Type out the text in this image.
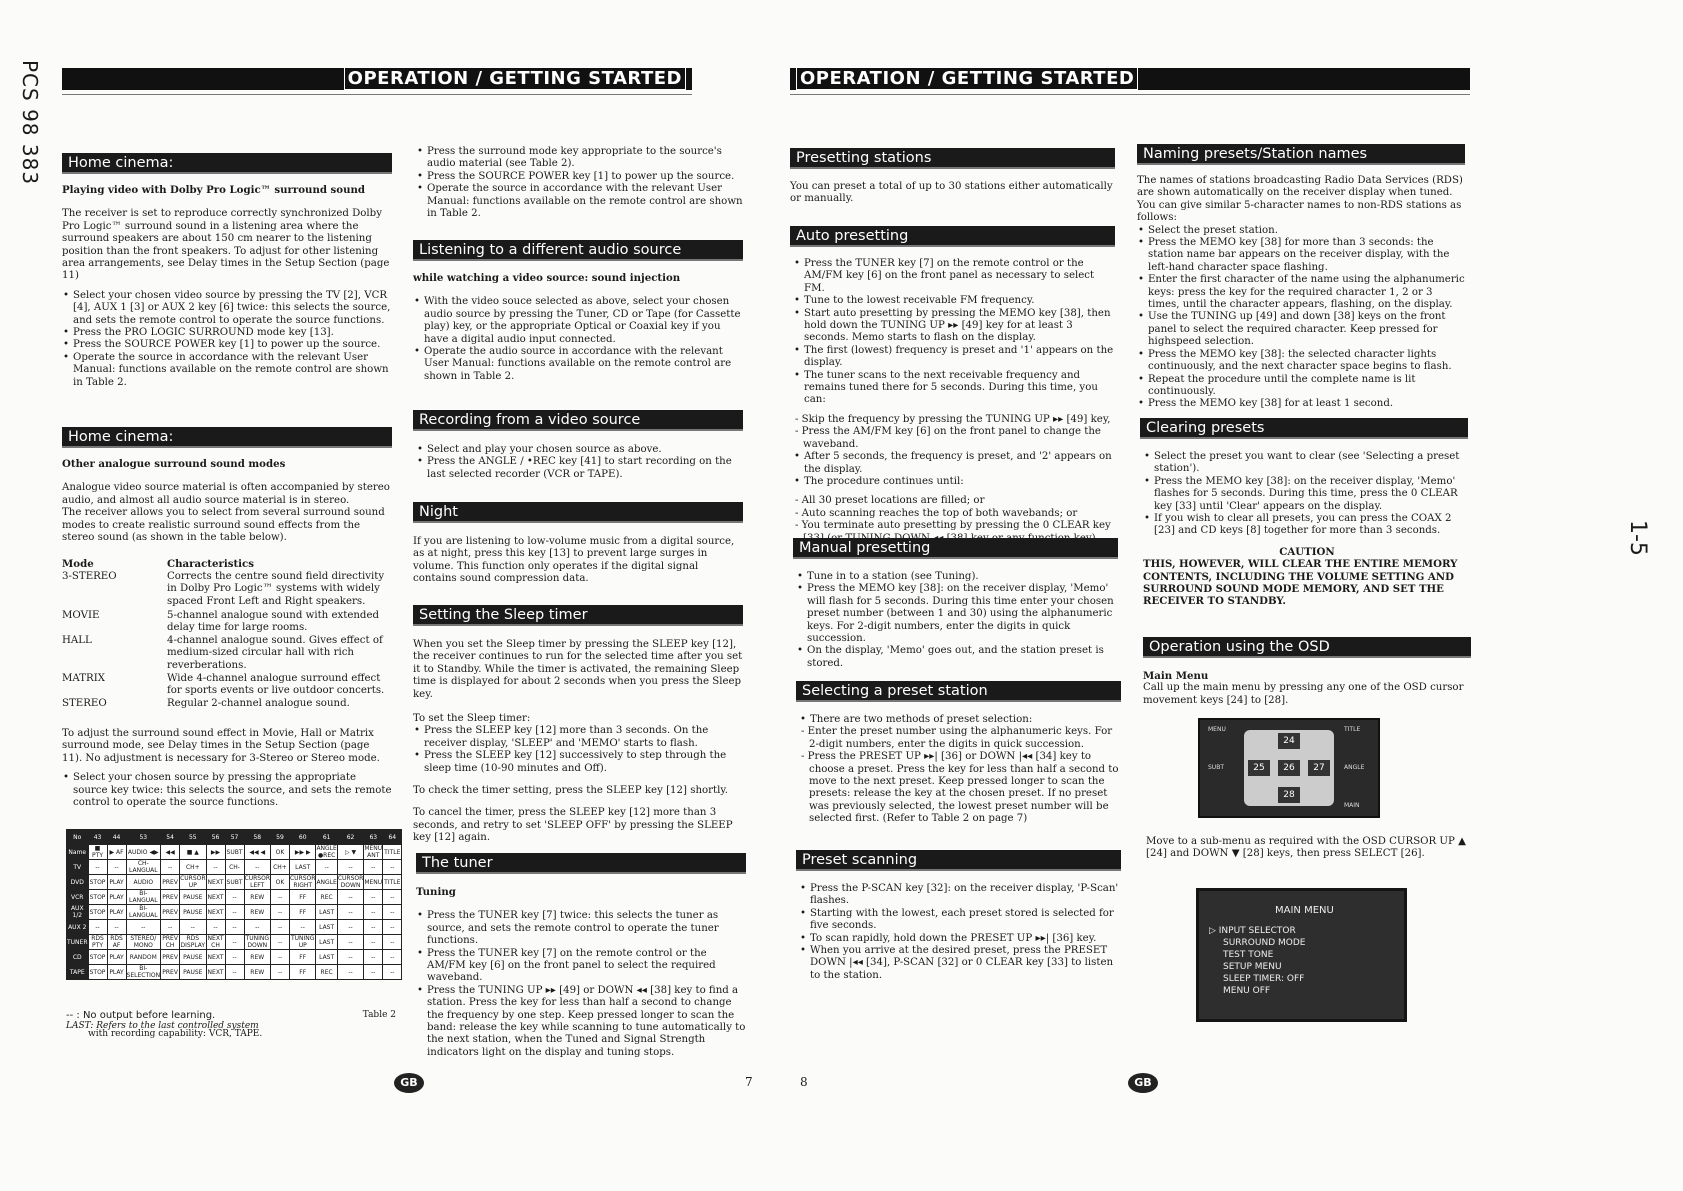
PCS 98 383
1-5
OPERATION / GETTING STARTED	OPERATION / GETTING STARTED
Home cinema:

Playing video with Dolby Pro Logic™ surround sound

The receiver is set to reproduce correctly synchronized Dolby Pro Logic™ surround sound in a listening area where the surround speakers are about 150 cm nearer to the listening position than the front speakers. To adjust for other listening area arrangements, see Delay times in the Setup Section (page 11)

• Select your chosen video source by pressing the TV [2], VCR [4], AUX 1 [3] or AUX 2 key [6] twice: this selects the source, and sets the remote control to operate the source functions.
• Press the PRO LOGIC SURROUND mode key [13].
• Press the SOURCE POWER key [1] to power up the source.
• Operate the source in accordance with the relevant User Manual: functions available on the remote control are shown in Table 2.
Home cinema:

Other analogue surround sound modes

Analogue video source material is often accompanied by stereo audio, and almost all audio source material is in stereo.

The receiver allows you to select from several surround sound modes to create realistic surround sound effects from the stereo sound (as shown in the table below).

Mode	Characteristics
3-STEREO	Corrects the centre sound field directivity in Dolby Pro Logic™ systems with widely spaced Front Left and Right speakers.
MOVIE	5-channel analogue sound with extended delay time for large rooms.
HALL	4-channel analogue sound. Gives effect of medium-sized circular hall with rich reverberations.
MATRIX	Wide 4-channel analogue surround effect for sports events or live outdoor concerts.
STEREO	Regular 2-channel analogue sound.

To adjust the surround sound effect in Movie, Hall or Matrix surround mode, see Delay times in the Setup Section (page 11). No adjustment is necessary for 3-Stereo or Stereo mode.

• Select your chosen source by pressing the appropriate source key twice: this selects the source, and sets the remote control to operate the source functions.
No	43	44	53	54	55	56	57	58	59	60	61	62	63	64
Name	■ PTY	▶ AF	AUDIO ◀▶	◀◀	■ ▲	▶▶	SUBT	◀◀ ◀	OK	▶▶ ▶	ANGLE ●REC	▷ ▼	MENU ANT	TITLE
TV	--	--	CH- LANGUAL	--	CH+	--	CH-	--	CH+	LAST	--	--	--	--
DVD	STOP	PLAY	AUDIO	PREV	CURSOR UP	NEXT	SUBT	CURSOR LEFT	OK	CURSOR RIGHT	ANGLE	CURSOR DOWN	MENU	TITLE
VCR	STOP	PLAY	BI-LANGUAL	PREV	PAUSE	NEXT	--	REW	--	FF	REC	--	--	--
AUX 1/2	STOP	PLAY	BI-LANGUAL	PREV	PAUSE	NEXT	--	REW	--	FF	LAST	--	--	--
AUX 2	--	--	--	--	--	--	--	--	--	--	LAST	--	--	--
TUNER	RDS PTY	RDS AF	STEREO/ MONO	PREV CH	RDS DISPLAY	NEXT CH	--	TUNING DOWN	--	TUNING UP	LAST	--	--	--
CD	STOP	PLAY	RANDOM	PREV	PAUSE	NEXT	--	REW	--	FF	LAST	--	--	--
TAPE	STOP	PLAY	BI-SELECTION	PREV	PAUSE	NEXT	--	REW	--	FF	REC	--	--	--
-- : No output before learning.	Table 2
LAST: Refers to the last controlled system
with recording capability: VCR, TAPE.
• Press the surround mode key appropriate to the source's audio material (see Table 2).
• Press the SOURCE POWER key [1] to power up the source.
• Operate the source in accordance with the relevant User Manual: functions available on the remote control are shown in Table 2.
Listening to a different audio source

while watching a video source: sound injection

• With the video souce selected as above, select your chosen audio source by pressing the Tuner, CD or Tape (for Cassette play) key, or the appropriate Optical or Coaxial key if you have a digital audio input connected.
• Operate the audio source in accordance with the relevant User Manual: functions available on the remote control are shown in Table 2.
Recording from a video source
• Select and play your chosen source as above.
• Press the ANGLE / •REC key [41] to start recording on the last selected recorder (VCR or TAPE).
Night

If you are listening to low-volume music from a digital source, as at night, press this key [13] to prevent large surges in volume. This function only operates if the digital signal contains sound compression data.

Setting the Sleep timer

When you set the Sleep timer by pressing the SLEEP key [12], the receiver continues to run for the selected time after you set it to Standby. While the timer is activated, the remaining Sleep time is displayed for about 2 seconds when you press the Sleep key.

To set the Sleep timer:

• Press the SLEEP key [12] more than 3 seconds. On the receiver display, 'SLEEP' and 'MEMO' starts to flash.
• Press the SLEEP key [12] successively to step through the sleep time (10-90 minutes and Off).

To check the timer setting, press the SLEEP key [12] shortly.

To cancel the timer, press the SLEEP key [12] more than 3 seconds, and retry to set 'SLEEP OFF' by pressing the SLEEP key [12] again.

The tuner

Tuning

• Press the TUNER key [7] twice: this selects the tuner as source, and sets the remote control to operate the tuner functions.
• Press the TUNER key [7] on the remote control or the AM/FM key [6] on the front panel to select the required waveband.
• Press the TUNING UP ▸▸ [49] or DOWN ◂◂ [38] key to find a station. Press the key for less than half a second to change the frequency by one step. Keep pressed longer to scan the band: release the key while scanning to tune automatically to the next station, when the Tuned and Signal Strength indicators light on the display and tuning stops.
Presetting stations

You can preset a total of up to 30 stations either automatically or manually.

Auto presetting
• Press the TUNER key [7] on the remote control or the AM/FM key [6] on the front panel as necessary to select FM.
• Tune to the lowest receivable FM frequency.
• Start auto presetting by pressing the MEMO key [38], then hold down the TUNING UP ▸▸ [49] key for at least 3 seconds. Memo starts to flash on the display.
• The first (lowest) frequency is preset and '1' appears on the display.
• The tuner scans to the next receivable frequency and remains tuned there for 5 seconds. During this time, you can:
- Skip the frequency by pressing the TUNING UP ▸▸ [49] key,
- Press the AM/FM key [6] on the front panel to change the waveband.
• After 5 seconds, the frequency is preset, and '2' appears on the display.
• The procedure continues until:
- All 30 preset locations are filled; or
- Auto scanning reaches the top of both wavebands; or
- You terminate auto presetting by pressing the 0 CLEAR key
Manual presetting
• Tune in to a station (see Tuning).
• Press the MEMO key [38]: on the receiver display, 'Memo' will flash for 5 seconds. During this time enter your chosen preset number (between 1 and 30) using the alphanumeric keys. For 2-digit numbers, enter the digits in quick succession.
• On the display, 'Memo' goes out, and the station preset is stored.
Selecting a preset station
• There are two methods of preset selection:
- Enter the preset number using the alphanumeric keys. For 2-digit numbers, enter the digits in quick succession.
- Press the PRESET UP ▸▸| [36] or DOWN |◂◂ [34] key to choose a preset. Press the key for less than half a second to move to the next preset. Keep pressed longer to scan the presets: release the key at the chosen preset. If no preset was previously selected, the lowest preset number will be selected first. (Refer to Table 2 on page 7)
Preset scanning
• Press the P-SCAN key [32]: on the receiver display, 'P-Scan' flashes.
• Starting with the lowest, each preset stored is selected for five seconds.
• To scan rapidly, hold down the PRESET UP ▸▸| [36] key.
• When you arrive at the desired preset, press the PRESET DOWN |◂◂ [34], P-SCAN [32] or 0 CLEAR key [33] to listen to the station.
Naming presets/Station names

The names of stations broadcasting Radio Data Services (RDS) are shown automatically on the receiver display when tuned. You can give similar 5-character names to non-RDS stations as follows:

• Select the preset station.
• Press the MEMO key [38] for more than 3 seconds: the station name bar appears on the receiver display, with the left-hand character space flashing.
• Enter the first character of the name using the alphanumeric keys: press the key for the required character 1, 2 or 3 times, until the character appears, flashing, on the display.
• Use the TUNING up [49] and down [38] keys on the front panel to select the required character. Keep pressed for highspeed selection.
• Press the MEMO key [38]: the selected character lights continuously, and the next character space begins to flash.
• Repeat the procedure until the complete name is lit continuously.
• Press the MEMO key [38] for at least 1 second.
Clearing presets
• Select the preset you want to clear (see 'Selecting a preset station').
• Press the MEMO key [38]: on the receiver display, 'Memo' flashes for 5 seconds. During this time, press the 0 CLEAR key [33] until 'Clear' appears on the display.
• If you wish to clear all presets, you can press the COAX 2 [23] and CD keys [8] together for more than 3 seconds.
CAUTION
THIS, HOWEVER, WILL CLEAR THE ENTIRE MEMORY CONTENTS, INCLUDING THE VOLUME SETTING AND SURROUND SOUND MODE MEMORY, AND SET THE RECEIVER TO STANDBY.
Operation using the OSD
Main Menu
Call up the main menu by pressing any one of the OSD cursor movement keys [24] to [28].
MENU	TITLE
SUBT	ANGLE
MAIN
24
25	26	27
28

Move to a sub-menu as required with the OSD CURSOR UP ▲ [24] and DOWN ▼ [28] keys, then press SELECT [26].

MAIN MENU
▷ INPUT SELECTOR
SURROUND MODE
TEST TONE
SETUP MENU
SLEEP TIMER: OFF
MENU OFF
GB	7	8	GB
